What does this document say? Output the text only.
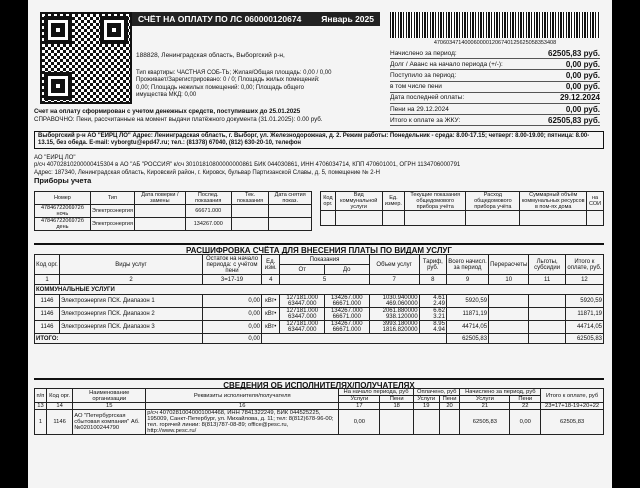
СЧЁТ НА ОПЛАТУ ПО ЛС 060000120674 Январь 2025
188828, Ленинградская область, Выборгский р-н,
Тип квартиры: ЧАСТНАЯ СОБ-ТЬ; Жилая/Общая площадь: 0,00 / 0,00
Проживает/Зарегистрировано: 0 / 0; Площадь жилых помещений:
0,00; Площадь нежилых помещений: 0,00; Площадь общего
имущества МКД: 0,00
4706034714000600001206740125625058353408
Начислено за период:	62505,83 руб.
Долг / Аванс на начало периода (+/-):	0,00 руб.
Поступило за период:	0,00 руб.
в том числе пени	0,00 руб.
Дата последней оплаты:	29.12.2024
Пени на 29.12.2024	0,00 руб.
Итого к оплате за ЖКУ:	62505,83 руб.
Счет на оплату сформирован с учетом денежных средств, поступивших до 25.01.2025
СПРАВОЧНО: Пени, рассчитанные на момент выдачи платёжного документа (31.01.2025): 0.00 руб.
Выборгский р-н АО "ЕИРЦ ЛО" Адрес: Ленинградская область, г. Выборг, ул. Железнодорожная, д. 2. Режим работы: Понедельник - среда: 8.00-17.15; четверг: 8.00-19.00; пятница: 8.00-13.15, без обеда. E-mail: vyborgtu@epd47.ru; тел.: (81378) 67040, (812) 630-20-10, телефон
АО "ЕИРЦ ЛО"
р/сч 40702810200000415304 в АО "АБ "РОССИЯ" к/сч 30101810800000000861 БИК 044030861, ИНН 4706034714, КПП 470601001, ОГРН 1134706000791
Адрес: 187340, Ленинградская область, Кировский район, г. Кировск, бульвар Партизанской Славы, д. 5, помещение № 2-Н
Приборы учета
Номер	Тип	Дата поверки / замены	Послед. показания	Тек. показания	Дата снятия показ.
4784672206972б ночь	Электроэнергия		66671.000		
4784672206972б день	Электроэнергия		134267.000		
Код орг.	Вид коммунальной услуги	Ед. измер.	Текущие показания общедомового прибора учёта	Расход общедомового прибора учёта	Суммарный объём коммунальных ресурсов в пом-ях дома	на СОИ

РАСШИФРОВКА СЧЁТА ДЛЯ ВНЕСЕНИЯ ПЛАТЫ ПО ВИДАМ УСЛУГ
Код орг.	Виды услуг	Остаток на начало периода: с учётом пени	Ед. изм.	Показания		Объем услуг	Тариф, руб.	Всего начисл. за период	Перерасчеты	Льготы, субсидии	Итого к оплате, руб.
				От	До						
1	2	3=17-19	4	5		7	8	9	10	11	12
КОММУНАЛЬНЫЕ УСЛУГИ											
1146	Электроэнергия ПСК. Диапазон 1	0,00	кВт•	127181.000 63447.000	134267.000 66671.000	1030.940000 469.060000	4.61 2.49	5920,59			5920,59
1146	Электроэнергия ПСК. Диапазон 2	0,00	кВт•	127181.000 63447.000	134267.000 66671.000	2061.880000 938.120000	6.62 3.21	11871,19			11871,19
1146	Электроэнергия ПСК. Диапазон 3	0,00	кВт•	127181.000 63447.000	134267.000 66671.000	3993.180000 1816.820000	8.95 4.94	44714,05			44714,05
ИТОГО:		0,00						62505,83			62505,83
СВЕДЕНИЯ ОБ ИСПОЛНИТЕЛЯХ/ПОЛУЧАТЕЛЯХ
п/п	Код орг.	Наименование организации	Реквизиты исполнителя/получателя	На начало периода, руб		Оплачено, руб		Начислено за период, руб		Итого к оплате, руб
				Услуги	Пени	Услуги	Пени	Услуги	Пени	
13	14	15	16	17	18	19	20	21	22	23=17+18-19+20+22
1	1146	АО "Петербургская сбытовая компания" Аб.№020100244790	р/сч 40702810040001004468, ИНН 7841322249, БИК 044525225, 195009, Санкт-Петербург, ул. Михайлова, д. 11; тел: 8(812)678-96-00; тел. горячей линии: 8(813)787-08-89; office@pesc.ru, http://www.pesc.ru/	0,00				62505,83	0,00	62505,83
